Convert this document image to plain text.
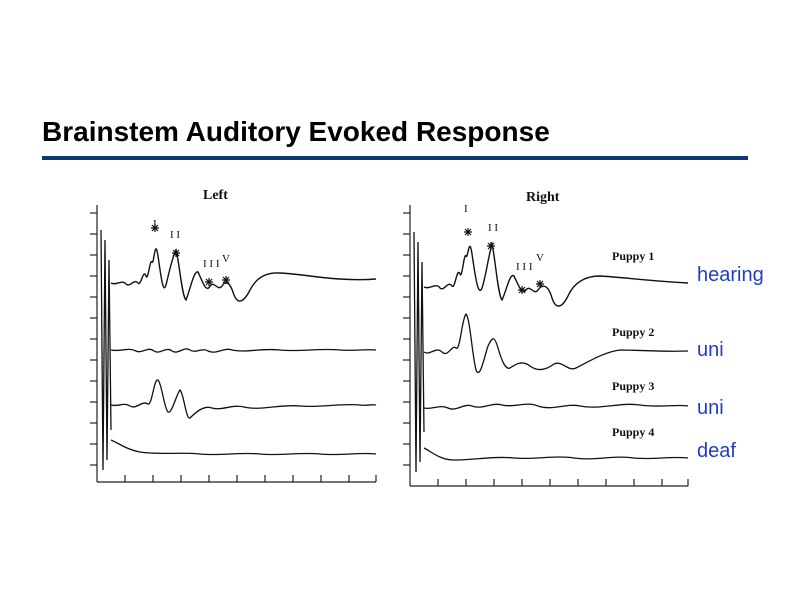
Brainstem Auditory Evoked Response
Left	Right
I
I I
I I I V
I
I I
I I I
V	Puppy 1
Puppy 2
Puppy 3
Puppy 4
hearing
uni
uni
deaf
